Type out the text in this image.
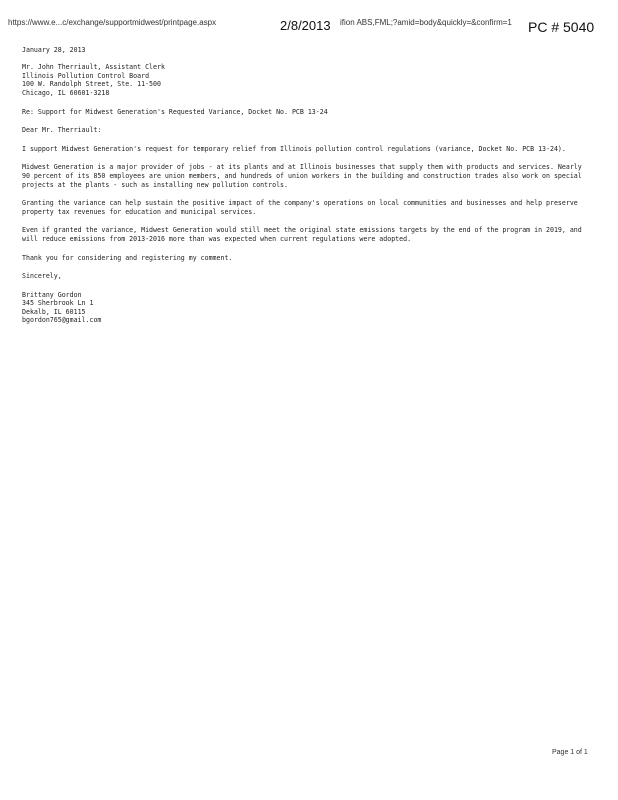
https://www.e...c/exchange/supportmidwest/printpage.aspx	2/8/2013 ifion ABS,FML;?amid=body&quickly=&confirm=1 PC # 5040

January 28, 2013

Mr. John Therriault, Assistant Clerk

Illinois Pollution Control Board

100 W. Randolph Street, Ste. 11-500

Chicago, IL 60601-3218

Re: Support for Midwest Generation's Requested Variance, Docket No. PCB 13-24

Dear Mr. Therriault:

I support Midwest Generation's request for temporary relief from Illinois pollution control regulations (variance, Docket No. PCB 13-24).

Midwest Generation is a major provider of jobs - at its plants and at Illinois businesses that supply them with products and services. Nearly 90 percent of its 850 employees are union members, and hundreds of union workers in the building and construction trades also work on special projects at the plants - such as installing new pollution controls.

Granting the variance can help sustain the positive impact of the company's operations on local communities and businesses and help preserve property tax revenues for education and municipal services.

Even if granted the variance, Midwest Generation would still meet the original state emissions targets by the end of the program in 2019, and will reduce emissions from 2013-2016 more than was expected when current regulations were adopted.

Thank you for considering and registering my comment.

Sincerely,

Brittany Gordon

345 Sherbrook Ln 1

Dekalb, IL 60115

bgordon765@gmail.com

Page 1 of 1
